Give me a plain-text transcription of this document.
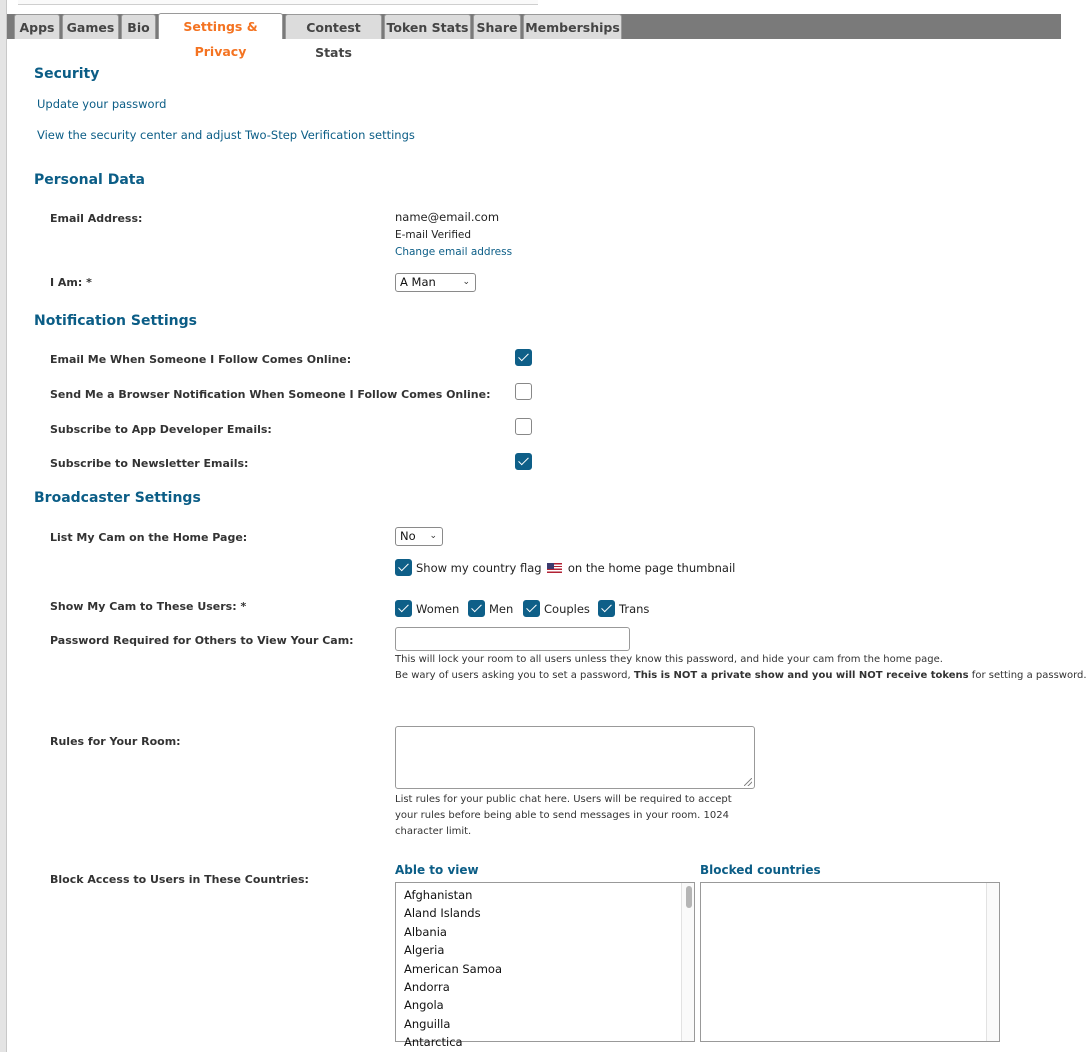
Apps Games	Bio	Settings & Privacy
Contest Stats
Token Stats Share Memberships
Security
Update your password
View the security center and adjust Two-Step Verification settings
Personal Data
Email Address:	name@email.com
E-mail Verified
Change email address
I Am: *	A Man	⌄
Notification Settings
Email Me When Someone I Follow Comes Online:
Send Me a Browser Notification When Someone I Follow Comes Online:
Subscribe to App Developer Emails:
Subscribe to Newsletter Emails:
Broadcaster Settings
List My Cam on the Home Page:	No ⌄
Show my country flag on the home page thumbnail
Show My Cam to These Users: *	Women	Men	Couples	Trans
Password Required for Others to View Your Cam:
This will lock your room to all users unless they know this password, and hide your cam from the home page.
Be wary of users asking you to set a password, This is NOT a private show and you will NOT receive tokens for setting a password.
Rules for Your Room:
List rules for your public chat here. Users will be required to accept
your rules before being able to send messages in your room. 1024
character limit.
Block Access to Users in These Countries:
Able to view	Blocked countries
Afghanistan
Aland Islands
Albania
Algeria
American Samoa
Andorra
Angola
Anguilla
Antarctica
